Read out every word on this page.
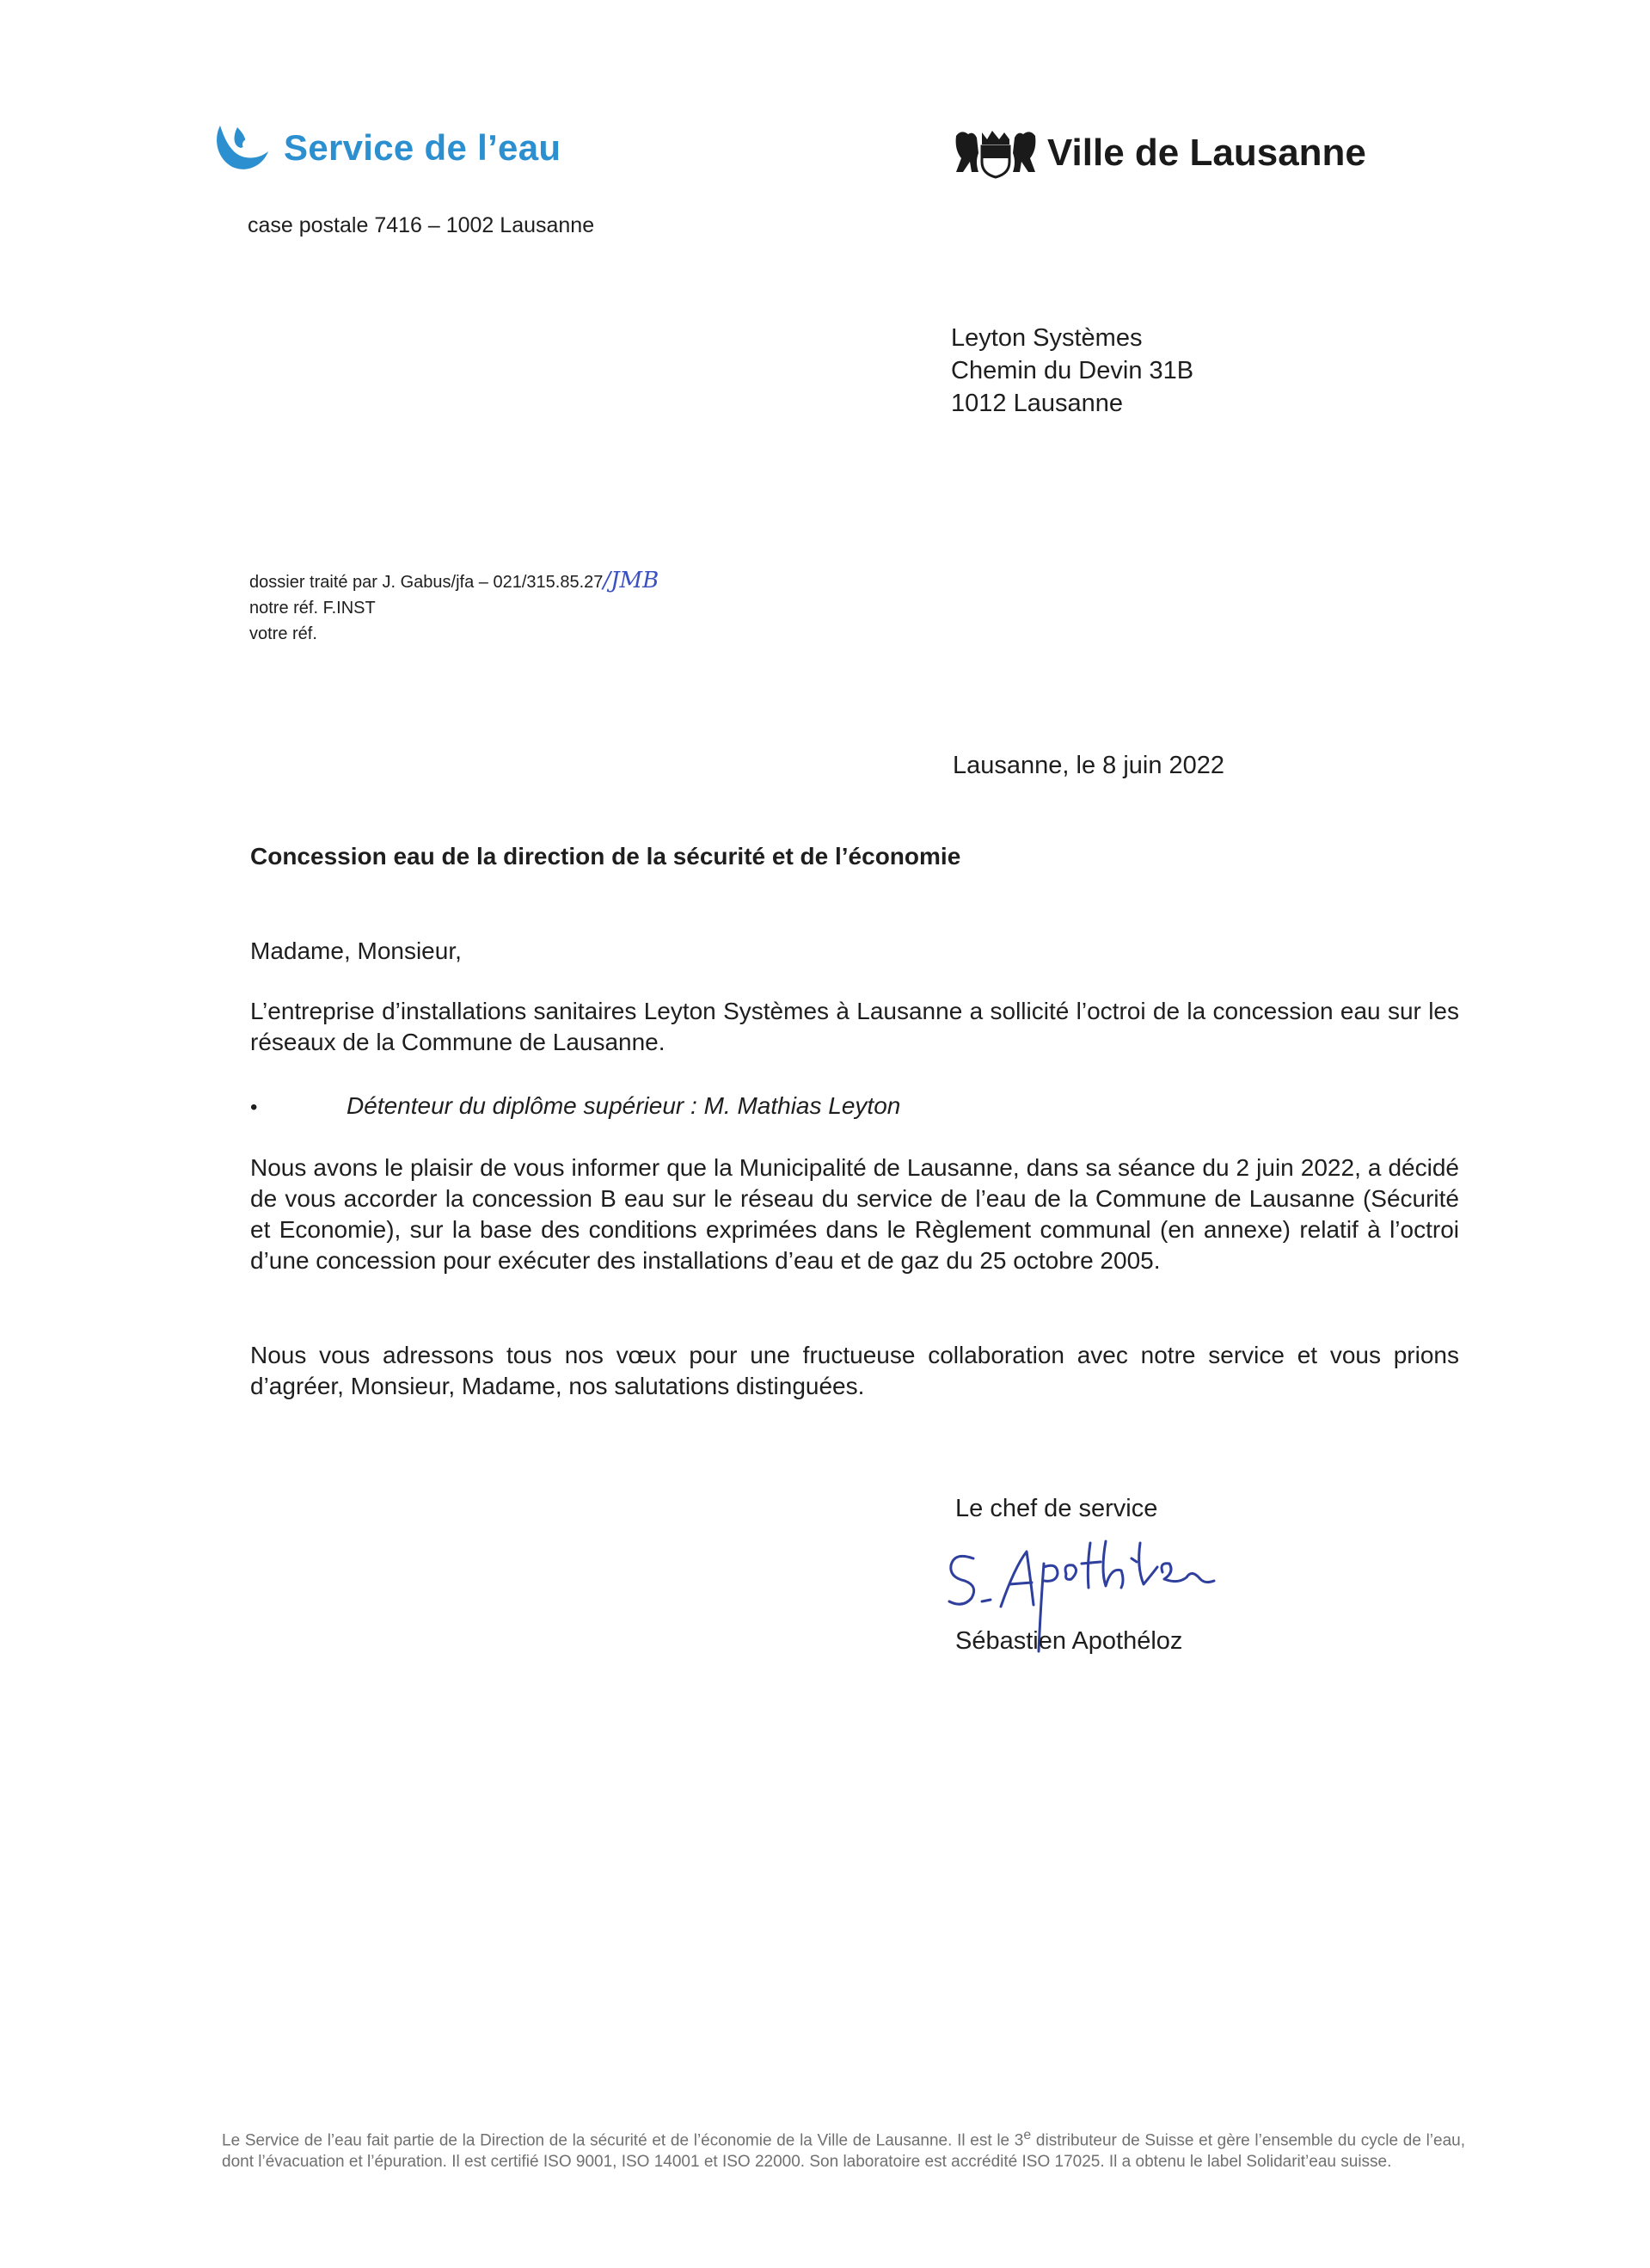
Service de l’eau
case postale 7416 – 1002 Lausanne
Ville de Lausanne
Leyton Systèmes
Chemin du Devin 31B
1012 Lausanne
dossier traité par J. Gabus/jfa – 021/315.85.27/JMB
notre réf. F.INST
votre réf.
Lausanne, le 8 juin 2022
Concession eau de la direction de la sécurité et de l’économie
Madame, Monsieur,
L’entreprise d’installations sanitaires Leyton Systèmes à Lausanne a sollicité l’octroi de la concession eau sur les réseaux de la Commune de Lausanne.
•	Détenteur du diplôme supérieur : M. Mathias Leyton
Nous avons le plaisir de vous informer que la Municipalité de Lausanne, dans sa séance du 2 juin 2022, a décidé de vous accorder la concession B eau sur le réseau du service de l’eau de la Commune de Lausanne (Sécurité et Economie), sur la base des conditions exprimées dans le Règlement communal (en annexe) relatif à l’octroi d’une concession pour exécuter des installations d’eau et de gaz du 25 octobre 2005.
Nous vous adressons tous nos vœux pour une fructueuse collaboration avec notre service et vous prions d’agréer, Monsieur, Madame, nos salutations distinguées.
Le chef de service
Sébastien Apothéloz
Le Service de l’eau fait partie de la Direction de la sécurité et de l’économie de la Ville de Lausanne. Il est le 3e distributeur de Suisse et gère l’ensemble du cycle de l’eau, dont l’évacuation et l’épuration. Il est certifié ISO 9001, ISO 14001 et ISO 22000. Son laboratoire est accrédité ISO 17025. Il a obtenu le label Solidarit’eau suisse.
